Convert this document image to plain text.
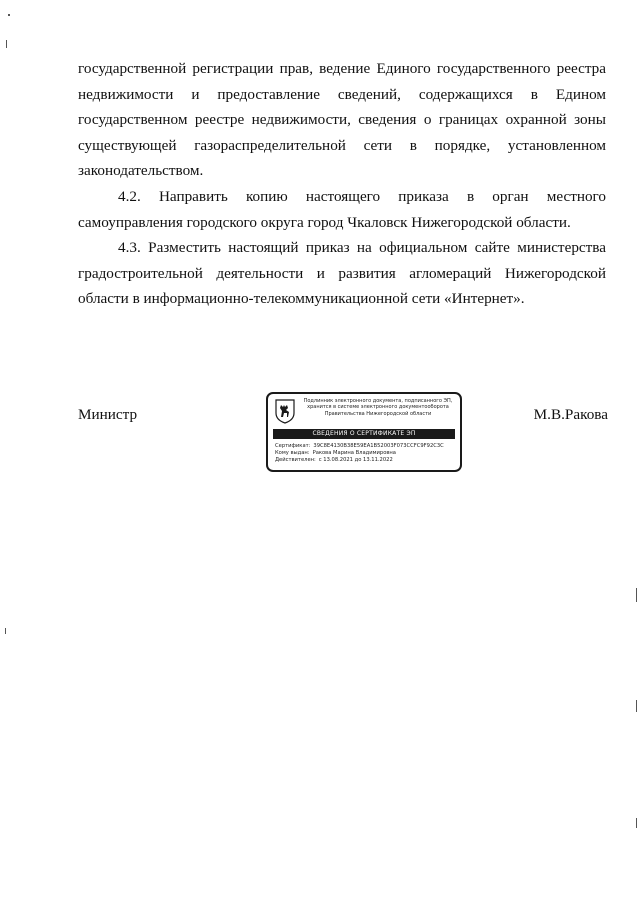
государственной регистрации прав, ведение Единого государственного реестра недвижимости и предоставление сведений, содержащихся в Едином государственном реестре недвижимости, сведения о границах охранной зоны существующей газораспределительной сети в порядке, установленном законодательством.

4.2. Направить копию настоящего приказа в орган местного самоуправления городского округа город Чкаловск Нижегородской области.

4.3. Разместить настоящий приказ на официальном сайте министерства градостроительной деятельности и развития агломераций Нижегородской области в информационно-телекоммуникационной сети «Интернет».

Министр
Подлинник электронного документа, подписанного ЭП, хранится в системе электронного документооборота Правительства Нижегородской области
СВЕДЕНИЯ О СЕРТИФИКАТЕ ЭП
Сертификат: 39C8E4130B38E59EA1B52003F073CCFC9F92C3C
Кому выдан: Ракова Марина Владимировна
Действителен: с 13.08.2021 до 13.11.2022
М.В.Ракова
